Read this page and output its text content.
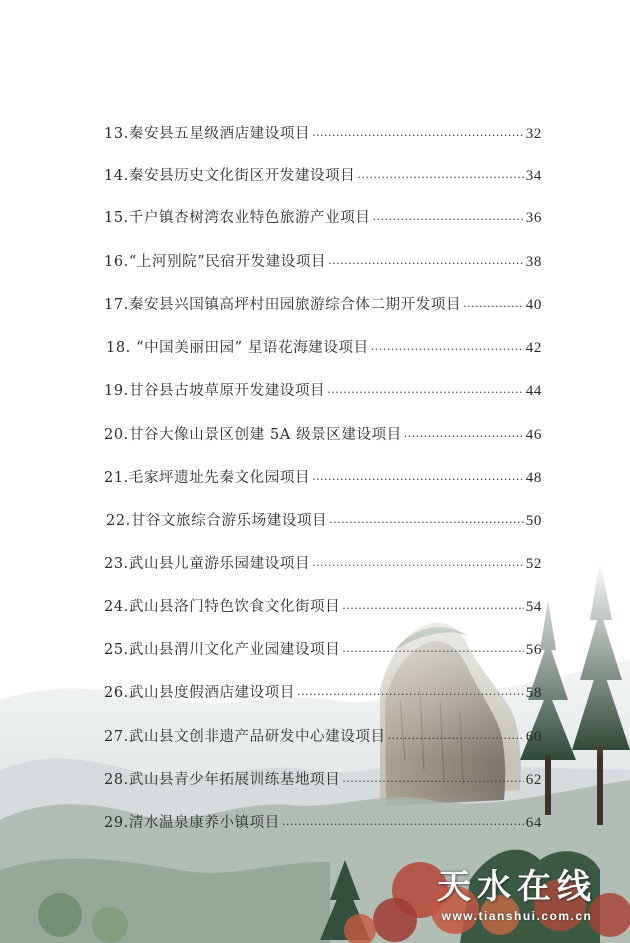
13.秦安县五星级酒店建设项目 .....	32
14.秦安县历史文化街区开发建设项目 .....	34
15.千户镇杏树湾农业特色旅游产业项目 .....	36
16.“上河别院”民宿开发建设项目 .....	38
17.秦安县兴国镇高坪村田园旅游综合体二期开发项目 .....	40
18. “中国美丽田园” 星语花海建设项目 .....	42
19.甘谷县古坡草原开发建设项目 .....	44
20.甘谷大像山景区创建 5A 级景区建设项目 .....	46
21.毛家坪遗址先秦文化园项目 .....	48
22.甘谷文旅综合游乐场建设项目 .....	50
23.武山县儿童游乐园建设项目 .....	52
24.武山县洛门特色饮食文化街项目 .....	54
25.武山县渭川文化产业园建设项目 .....	56
26.武山县度假酒店建设项目 .....	58
27.武山县文创非遗产品研发中心建设项目 .....	60
28.武山县青少年拓展训练基地项目 .....	62
29.清水温泉康养小镇项目 .....	64
天水在线
www.tianshui.com.cn
